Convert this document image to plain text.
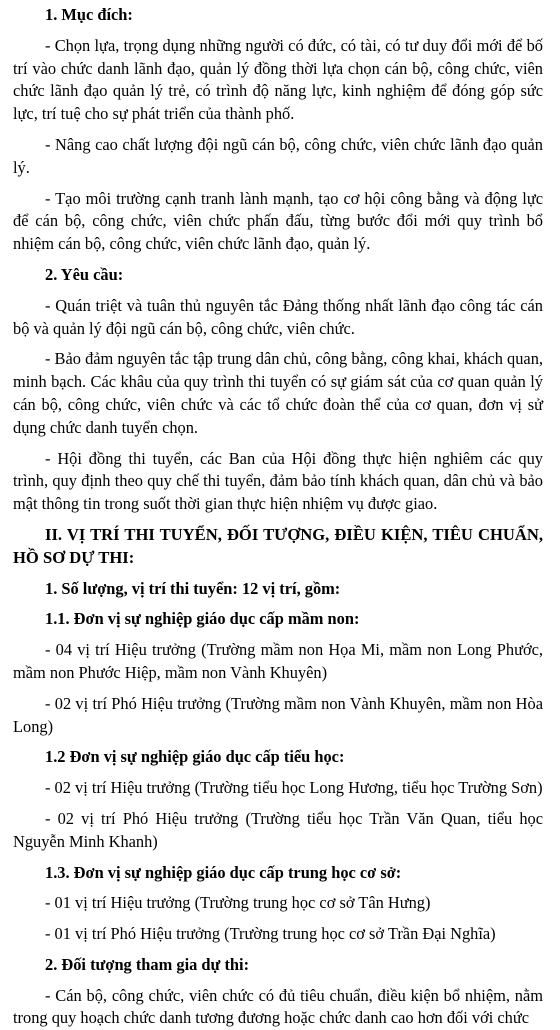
1. Mục đích:
- Chọn lựa, trọng dụng những người có đức, có tài, có tư duy đổi mới để bố trí vào chức danh lãnh đạo, quản lý đồng thời lựa chọn cán bộ, công chức, viên chức lãnh đạo quản lý trẻ, có trình độ năng lực, kinh nghiệm để đóng góp sức lực, trí tuệ cho sự phát triển của thành phố.
- Nâng cao chất lượng đội ngũ cán bộ, công chức, viên chức lãnh đạo quản lý.
- Tạo môi trường cạnh tranh lành mạnh, tạo cơ hội công bằng và động lực để cán bộ, công chức, viên chức phấn đấu, từng bước đổi mới quy trình bổ nhiệm cán bộ, công chức, viên chức lãnh đạo, quản lý.
2. Yêu cầu:
- Quán triệt và tuân thủ nguyên tắc Đảng thống nhất lãnh đạo công tác cán bộ và quản lý đội ngũ cán bộ, công chức, viên chức.
- Bảo đảm nguyên tắc tập trung dân chủ, công bằng, công khai, khách quan, minh bạch. Các khâu của quy trình thi tuyển có sự giám sát của cơ quan quản lý cán bộ, công chức, viên chức và các tổ chức đoàn thể của cơ quan, đơn vị sử dụng chức danh tuyển chọn.
- Hội đồng thi tuyển, các Ban của Hội đồng thực hiện nghiêm các quy trình, quy định theo quy chế thi tuyển, đảm bảo tính khách quan, dân chủ và bảo mật thông tin trong suốt thời gian thực hiện nhiệm vụ được giao.
II. VỊ TRÍ THI TUYỂN, ĐỐI TƯỢNG, ĐIỀU KIỆN, TIÊU CHUẨN, HỒ SƠ DỰ THI:
1. Số lượng, vị trí thi tuyển: 12 vị trí, gồm:
1.1. Đơn vị sự nghiệp giáo dục cấp mầm non:
- 04 vị trí Hiệu trưởng (Trường mầm non Họa Mi, mầm non Long Phước, mầm non Phước Hiệp, mầm non Vành Khuyên)
- 02 vị trí Phó Hiệu trưởng (Trường mầm non Vành Khuyên, mầm non Hòa Long)
1.2 Đơn vị sự nghiệp giáo dục cấp tiểu học:
- 02 vị trí Hiệu trưởng (Trường tiểu học Long Hương, tiểu học Trường Sơn)
- 02 vị trí Phó Hiệu trưởng (Trường tiểu học Trần Văn Quan, tiểu học Nguyễn Minh Khanh)
1.3. Đơn vị sự nghiệp giáo dục cấp trung học cơ sở:
- 01 vị trí Hiệu trưởng (Trường trung học cơ sở Tân Hưng)
- 01 vị trí Phó Hiệu trưởng (Trường trung học cơ sở Trần Đại Nghĩa)
2. Đối tượng tham gia dự thi:
- Cán bộ, công chức, viên chức có đủ tiêu chuẩn, điều kiện bổ nhiệm, nằm trong quy hoạch chức danh tương đương hoặc chức danh cao hơn đối với chức
